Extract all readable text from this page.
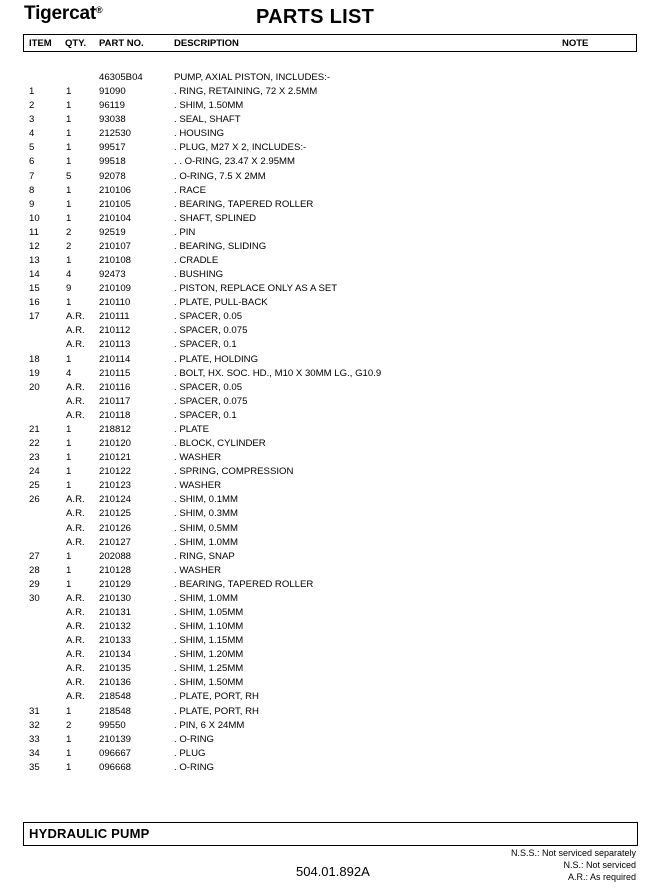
Tigercat®	PARTS LIST
ITEM QTY. PART NO.	DESCRIPTION	NOTE
46305B04	PUMP, AXIAL PISTON, INCLUDES:-
1	1	91090	. RING, RETAINING, 72 X 2.5MM
2	1	96119	. SHIM, 1.50MM
3	1	93038	. SEAL, SHAFT
4	1	212530	. HOUSING
5	1	99517	. PLUG, M27 X 2, INCLUDES:-
6	1	99518	. . O-RING, 23.47 X 2.95MM
7	5	92078	. O-RING, 7.5 X 2MM
8	1	210106	. RACE
9	1	210105	. BEARING, TAPERED ROLLER
10	1	210104	. SHAFT, SPLINED
11	2	92519	. PIN
12	2	210107	. BEARING, SLIDING
13	1	210108	. CRADLE
14	4	92473	. BUSHING
15	9	210109	. PISTON, REPLACE ONLY AS A SET
16	1	210110	. PLATE, PULL-BACK
17	A.R. 210111	. SPACER, 0.05
A.R. 210112	. SPACER, 0.075
A.R. 210113	. SPACER, 0.1
18	1	210114	. PLATE, HOLDING
19	4	210115	. BOLT, HX. SOC. HD., M10 X 30MM LG., G10.9
20	A.R. 210116	. SPACER, 0.05
A.R. 210117	. SPACER, 0.075
A.R. 210118	. SPACER, 0.1
21	1	218812	. PLATE
22	1	210120	. BLOCK, CYLINDER
23	1	210121	. WASHER
24	1	210122	. SPRING, COMPRESSION
25	1	210123	. WASHER
26	A.R. 210124	. SHIM, 0.1MM
A.R. 210125	. SHIM, 0.3MM
A.R. 210126	. SHIM, 0.5MM
A.R. 210127	. SHIM, 1.0MM
27	1	202088	. RING, SNAP
28	1	210128	. WASHER
29	1	210129	. BEARING, TAPERED ROLLER
30	A.R. 210130	. SHIM, 1.0MM
A.R. 210131	. SHIM, 1.05MM
A.R. 210132	. SHIM, 1.10MM
A.R. 210133	. SHIM, 1.15MM
A.R. 210134	. SHIM, 1.20MM
A.R. 210135	. SHIM, 1.25MM
A.R. 210136	. SHIM, 1.50MM
A.R. 218548	. PLATE, PORT, RH
31	1	218548	. PLATE, PORT, RH
32	2	99550	. PIN, 6 X 24MM
33	1	210139	. O-RING
34	1	096667	. PLUG
35	1	096668	. O-RING
HYDRAULIC PUMP
N.S.S.: Not serviced separately
N.S.: Not serviced
A.R.: As required
504.01.892A
